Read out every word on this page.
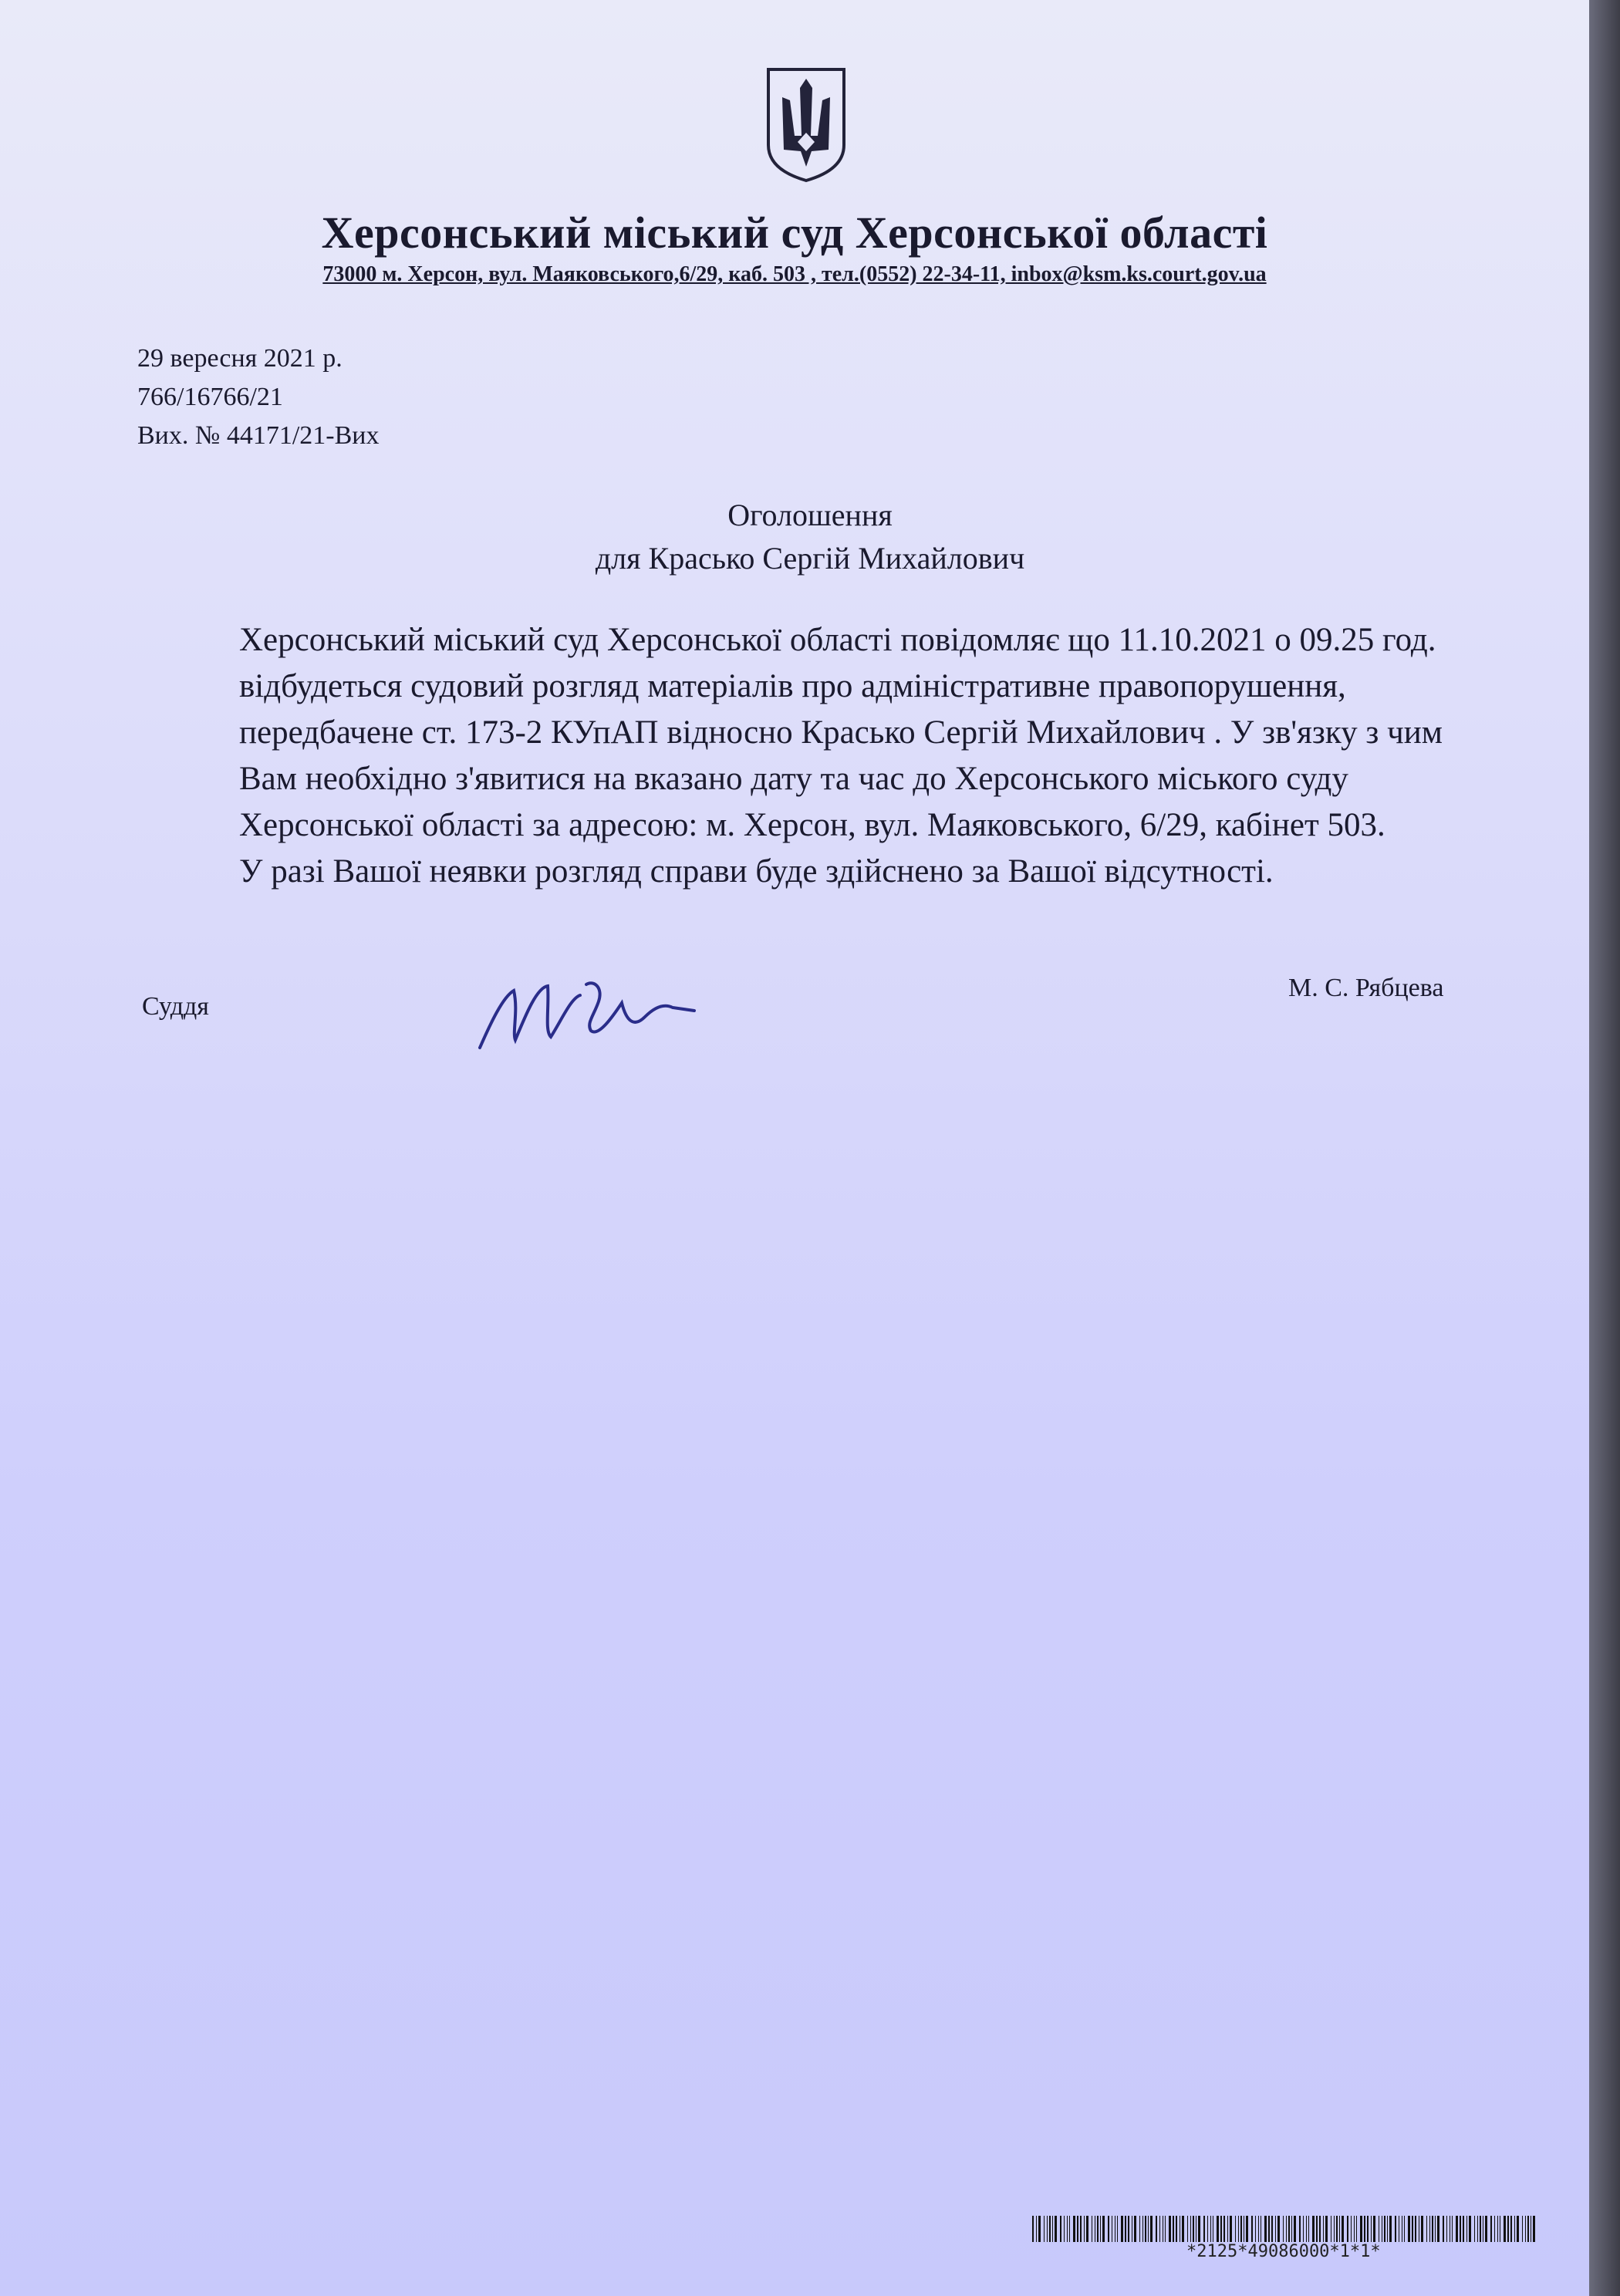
Херсонський міський суд Херсонської області
73000 м. Херсон, вул. Маяковського,6/29, каб. 503 , тел.(0552) 22-34-11, inbox@ksm.ks.court.gov.ua
29 вересня 2021 р.
766/16766/21
Вих. № 44171/21-Вих
Оголошення
для Красько Сергій Михайлович

Херсонський міський суд Херсонської області повідомляє що 11.10.2021 о 09.25 год. відбудеться судовий розгляд матеріалів про адміністративне правопорушення, передбачене ст. 173-2 КУпАП відносно Красько Сергій Михайлович . У зв'язку з чим Вам необхідно з'явитися на вказано дату та час до Херсонського міського суду Херсонської області за адресою: м. Херсон, вул. Маяковського, 6/29, кабінет 503.

У разі Вашої неявки розгляд справи буде здійснено за Вашої відсутності.

Суддя
М. С. Рябцева
*2125*49086000*1*1*
